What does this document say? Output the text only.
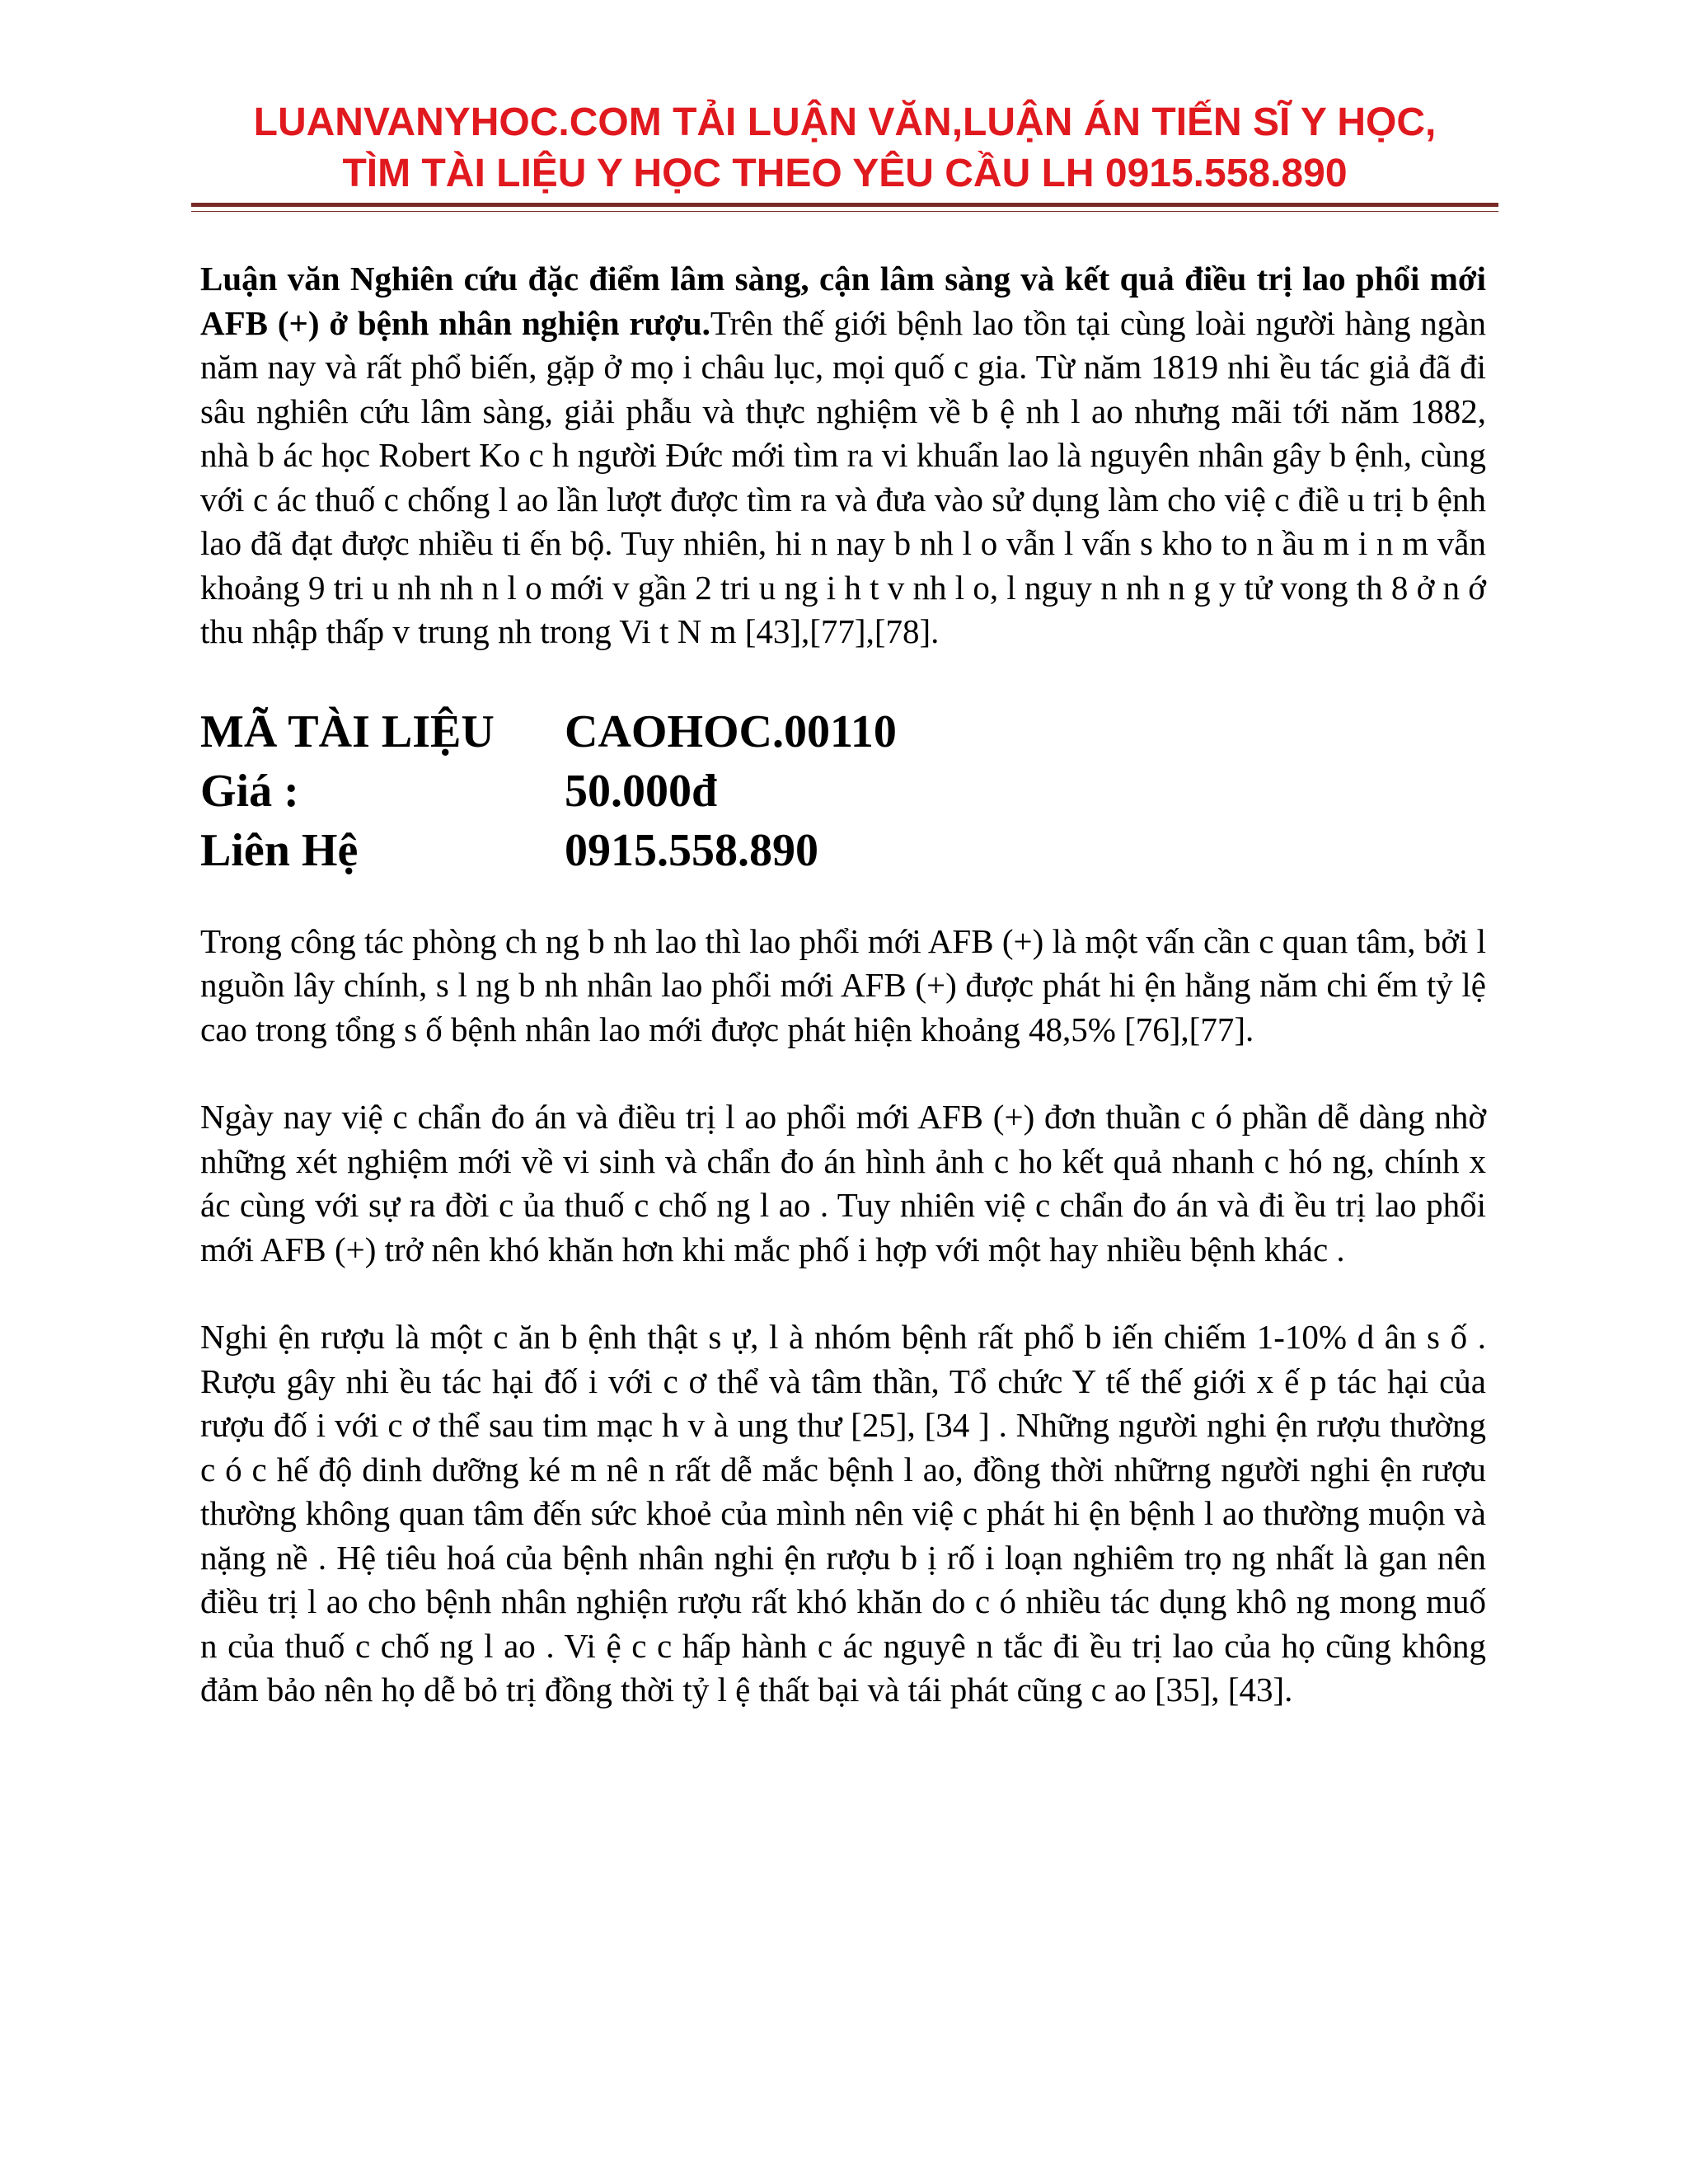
LUANVANYHOC.COM TẢI LUẬN VĂN,LUẬN ÁN TIẾN SĨ Y HỌC,
TÌM TÀI LIỆU Y HỌC THEO YÊU CẦU LH 0915.558.890

Luận văn Nghiên cứu đặc điểm lâm sàng, cận lâm sàng và kết quả điều trị lao phổi mới AFB (+) ở bệnh nhân nghiện rượu.Trên thế giới bệnh lao tồn tại cùng loài người hàng ngàn năm nay và rất phổ biến, gặp ở mọ i châu lục, mọi quố c gia. Từ năm 1819 nhi ều tác giả đã đi sâu nghiên cứu lâm sàng, giải phẫu và thực nghiệm về b ệ nh l ao nhưng mãi tới năm 1882, nhà b ác học Robert Ko c h người Đức mới tìm ra vi khuẩn lao là nguyên nhân gây b ệnh, cùng với c ác thuố c chống l ao lần lượt được tìm ra và đưa vào sử dụng làm cho việ c điề u trị b ệnh lao đã đạt được nhiều ti ến bộ. Tuy nhiên, hi n nay b nh l o vẫn l vấn s kho to n ầu m i n m vẫn khoảng 9 tri u nh nh n l o mới v gần 2 tri u ng i h t v nh l o, l nguy n nh n g y tử vong th 8 ở n ớ thu nhập thấp v trung nh trong Vi t N m [43],[77],[78].

MÃ TÀI LIỆU	CAOHOC.00110
Giá :	50.000đ
Liên Hệ	0915.558.890

Trong công tác phòng ch ng b nh lao thì lao phổi mới AFB (+) là một vấn cần c quan tâm, bởi l nguồn lây chính, s l ng b nh nhân lao phổi mới AFB (+) được phát hi ện hằng năm chi ếm tỷ lệ cao trong tổng s ố bệnh nhân lao mới được phát hiện khoảng 48,5% [76],[77].

Ngày nay việ c chẩn đo án và điều trị l ao phổi mới AFB (+) đơn thuần c ó phần dễ dàng nhờ những xét nghiệm mới về vi sinh và chẩn đo án hình ảnh c ho kết quả nhanh c hó ng, chính x ác cùng với sự ra đời c ủa thuố c chố ng l ao . Tuy nhiên việ c chẩn đo án và đi ều trị lao phổi mới AFB (+) trở nên khó khăn hơn khi mắc phố i hợp với một hay nhiều bệnh khác .

Nghi ện rượu là một c ăn b ệnh thật s ự, l à nhóm bệnh rất phổ b iến chiếm 1-10% d ân s ố . Rượu gây nhi ều tác hại đố i với c ơ thể và tâm thần, Tổ chức Y tế thế giới x ế p tác hại của rượu đố i với c ơ thể sau tim mạc h v à ung thư [25], [34 ] . Những người nghi ện rượu thường c ó c hế độ dinh dưỡng ké m nê n rất dễ mắc bệnh l ao, đồng thời nhữrng người nghi ện rượu thường không quan tâm đến sức khoẻ của mình nên việ c phát hi ện bệnh l ao thường muộn và nặng nề . Hệ tiêu hoá của bệnh nhân nghi ện rượu b ị rố i loạn nghiêm trọ ng nhất là gan nên điều trị l ao cho bệnh nhân nghiện rượu rất khó khăn do c ó nhiều tác dụng khô ng mong muố n của thuố c chố ng l ao . Vi ệ c c hấp hành c ác nguyê n tắc đi ều trị lao của họ cũng không đảm bảo nên họ dễ bỏ trị đồng thời tỷ l ệ thất bại và tái phát cũng c ao [35], [43].
